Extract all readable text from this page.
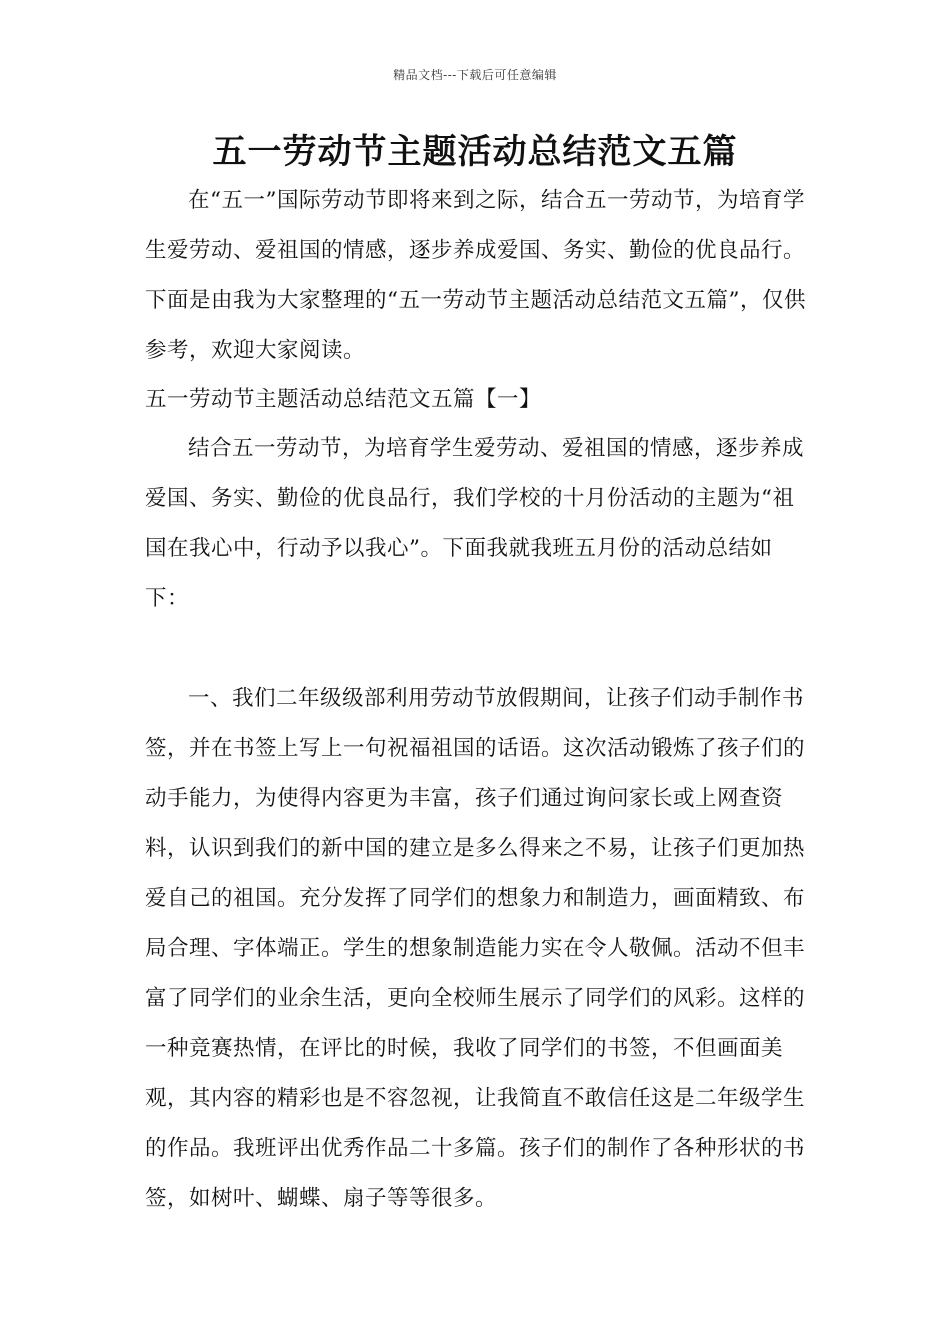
精品文档---下载后可任意编辑
五一劳动节主题活动总结范文五篇

在“五一”国际劳动节即将来到之际，结合五一劳动节，为培育学生爱劳动、爱祖国的情感，逐步养成爱国、务实、勤俭的优良品行。下面是由我为大家整理的“五一劳动节主题活动总结范文五篇”，仅供参考，欢迎大家阅读。

五一劳动节主题活动总结范文五篇【一】

结合五一劳动节，为培育学生爱劳动、爱祖国的情感，逐步养成爱国、务实、勤俭的优良品行，我们学校的十月份活动的主题为“祖国在我心中，行动予以我心”。下面我就我班五月份的活动总结如下：

一、我们二年级级部利用劳动节放假期间，让孩子们动手制作书签，并在书签上写上一句祝福祖国的话语。这次活动锻炼了孩子们的动手能力，为使得内容更为丰富，孩子们通过询问家长或上网查资料，认识到我们的新中国的建立是多么得来之不易，让孩子们更加热爱自己的祖国。充分发挥了同学们的想象力和制造力，画面精致、布局合理、字体端正。学生的想象制造能力实在令人敬佩。活动不但丰富了同学们的业余生活，更向全校师生展示了同学们的风彩。这样的一种竞赛热情，在评比的时候，我收了同学们的书签，不但画面美观，其内容的精彩也是不容忽视，让我简直不敢信任这是二年级学生的作品。我班评出优秀作品二十多篇。孩子们的制作了各种形状的书签，如树叶、蝴蝶、扇子等等很多。
